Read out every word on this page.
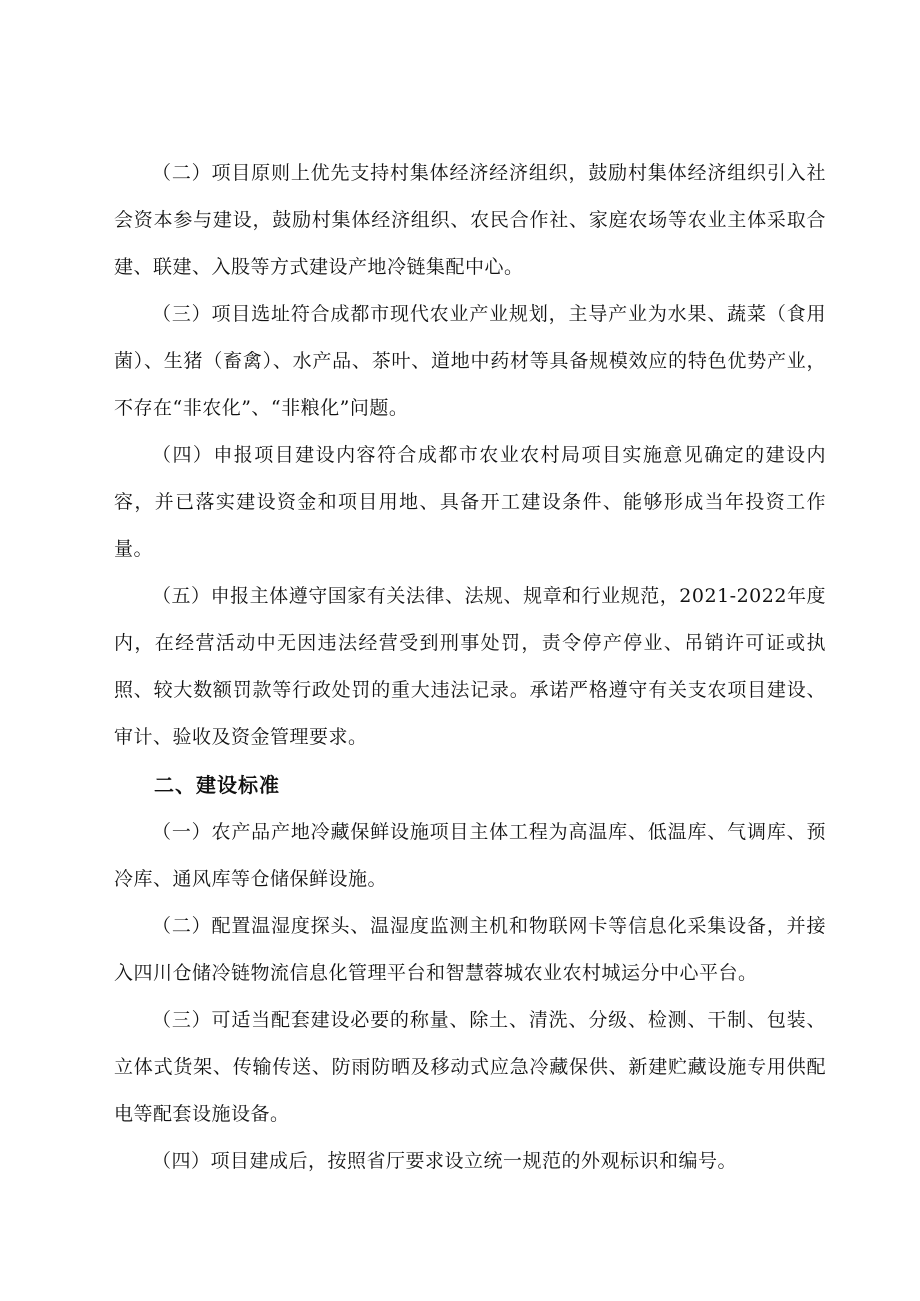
（二）项目原则上优先支持村集体经济经济组织，鼓励村集体经济组织引入社会资本参与建设，鼓励村集体经济组织、农民合作社、家庭农场等农业主体采取合建、联建、入股等方式建设产地冷链集配中心。

（三）项目选址符合成都市现代农业产业规划，主导产业为水果、蔬菜（食用菌）、生猪（畜禽）、水产品、茶叶、道地中药材等具备规模效应的特色优势产业，不存在“非农化”、“非粮化”问题。

（四）申报项目建设内容符合成都市农业农村局项目实施意见确定的建设内容，并已落实建设资金和项目用地、具备开工建设条件、能够形成当年投资工作量。

（五）申报主体遵守国家有关法律、法规、规章和行业规范，2021-2022年度内，在经营活动中无因违法经营受到刑事处罚，责令停产停业、吊销许可证或执照、较大数额罚款等行政处罚的重大违法记录。承诺严格遵守有关支农项目建设、审计、验收及资金管理要求。

二、建设标准

（一）农产品产地冷藏保鲜设施项目主体工程为高温库、低温库、气调库、预冷库、通风库等仓储保鲜设施。

（二）配置温湿度探头、温湿度监测主机和物联网卡等信息化采集设备，并接入四川仓储冷链物流信息化管理平台和智慧蓉城农业农村城运分中心平台。

（三）可适当配套建设必要的称量、除土、清洗、分级、检测、干制、包装、立体式货架、传输传送、防雨防晒及移动式应急冷藏保供、新建贮藏设施专用供配电等配套设施设备。

（四）项目建成后，按照省厅要求设立统一规范的外观标识和编号。
